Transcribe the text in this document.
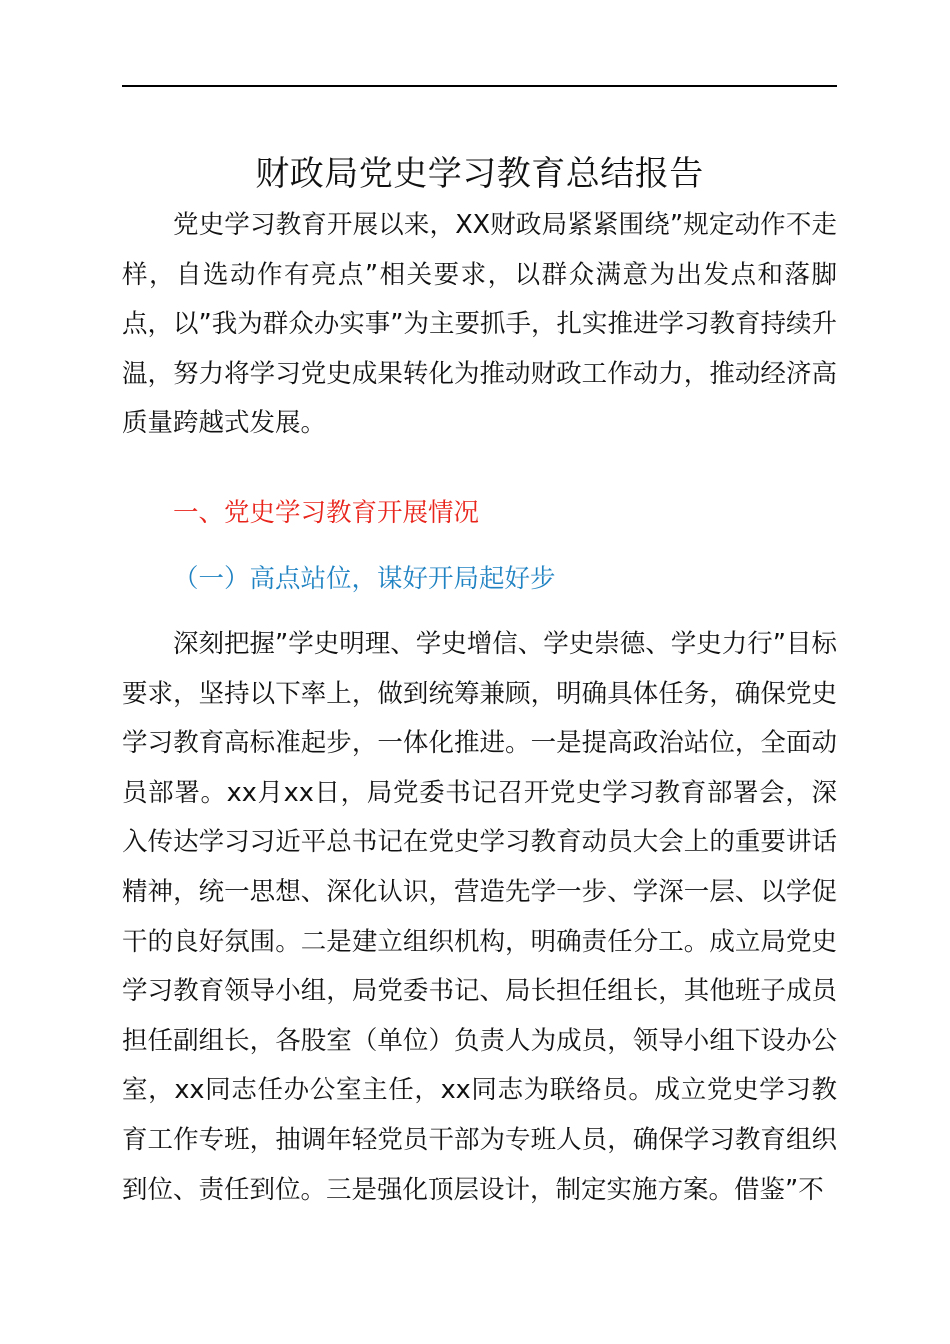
财政局党史学习教育总结报告

党史学习教育开展以来，XX财政局紧紧围绕”规定动作不走样，自选动作有亮点”相关要求，以群众满意为出发点和落脚点，以”我为群众办实事”为主要抓手，扎实推进学习教育持续升温，努力将学习党史成果转化为推动财政工作动力，推动经济高质量跨越式发展。

一、党史学习教育开展情况
（一）高点站位，谋好开局起好步

深刻把握”学史明理、学史增信、学史崇德、学史力行”目标要求，坚持以下率上，做到统筹兼顾，明确具体任务，确保党史学习教育高标准起步，一体化推进。一是提高政治站位，全面动员部署。xx月xx日，局党委书记召开党史学习教育部署会，深入传达学习习近平总书记在党史学习教育动员大会上的重要讲话精神，统一思想、深化认识，营造先学一步、学深一层、以学促干的良好氛围。二是建立组织机构，明确责任分工。成立局党史学习教育领导小组，局党委书记、局长担任组长，其他班子成员担任副组长，各股室（单位）负责人为成员，领导小组下设办公室，xx同志任办公室主任，xx同志为联络员。成立党史学习教育工作专班，抽调年轻党员干部为专班人员，确保学习教育组织到位、责任到位。三是强化顶层设计，制定实施方案。借鉴”不
